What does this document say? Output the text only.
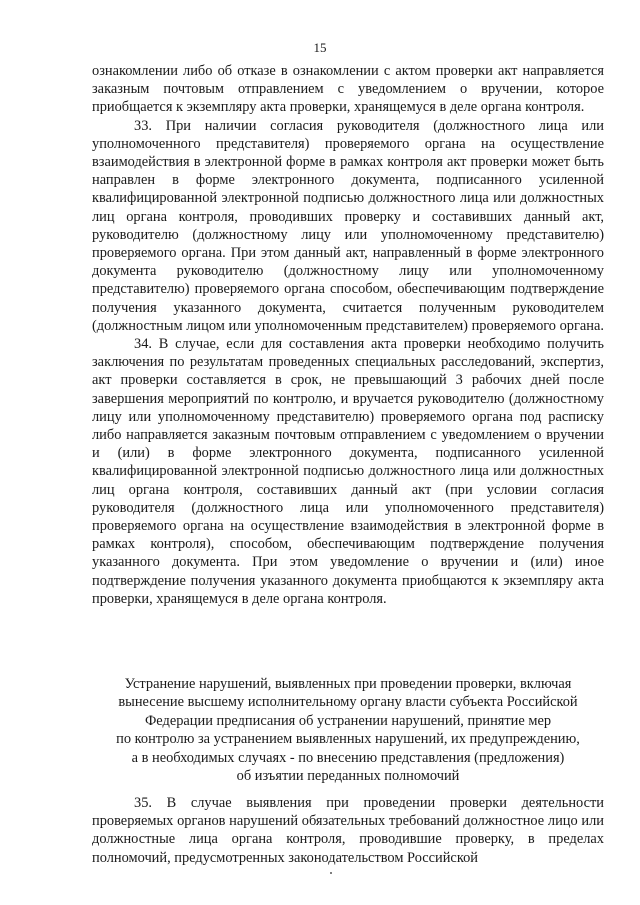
15

ознакомлении либо об отказе в ознакомлении с актом проверки акт направляется заказным почтовым отправлением с уведомлением о вручении, которое приобщается к экземпляру акта проверки, хранящемуся в деле органа контроля.

33. При наличии согласия руководителя (должностного лица или уполномоченного представителя) проверяемого органа на осуществление взаимодействия в электронной форме в рамках контроля акт проверки может быть направлен в форме электронного документа, подписанного усиленной квалифицированной электронной подписью должностного лица или должностных лиц органа контроля, проводивших проверку и составивших данный акт, руководителю (должностному лицу или уполномоченному представителю) проверяемого органа. При этом данный акт, направленный в форме электронного документа руководителю (должностному лицу или уполномоченному представителю) проверяемого органа способом, обеспечивающим подтверждение получения указанного документа, считается полученным руководителем (должностным лицом или уполномоченным представителем) проверяемого органа.

34. В случае, если для составления акта проверки необходимо получить заключения по результатам проведенных специальных расследований, экспертиз, акт проверки составляется в срок, не превышающий 3 рабочих дней после завершения мероприятий по контролю, и вручается руководителю (должностному лицу или уполномоченному представителю) проверяемого органа под расписку либо направляется заказным почтовым отправлением с уведомлением о вручении и (или) в форме электронного документа, подписанного усиленной квалифицированной электронной подписью должностного лица или должностных лиц органа контроля, составивших данный акт (при условии согласия руководителя (должностного лица или уполномоченного представителя) проверяемого органа на осуществление взаимодействия в электронной форме в рамках контроля), способом, обеспечивающим подтверждение получения указанного документа. При этом уведомление о вручении и (или) иное подтверждение получения указанного документа приобщаются к экземпляру акта проверки, хранящемуся в деле органа контроля.

Устранение нарушений, выявленных при проведении проверки, включая
вынесение высшему исполнительному органу власти субъекта Российской
Федерации предписания об устранении нарушений, принятие мер
по контролю за устранением выявленных нарушений, их предупреждению,
а в необходимых случаях - по внесению представления (предложения)
об изъятии переданных полномочий

35. В случае выявления при проведении проверки деятельности проверяемых органов нарушений обязательных требований должностное лицо или должностные лица органа контроля, проводившие проверку, в пределах полномочий, предусмотренных законодательством Российской
